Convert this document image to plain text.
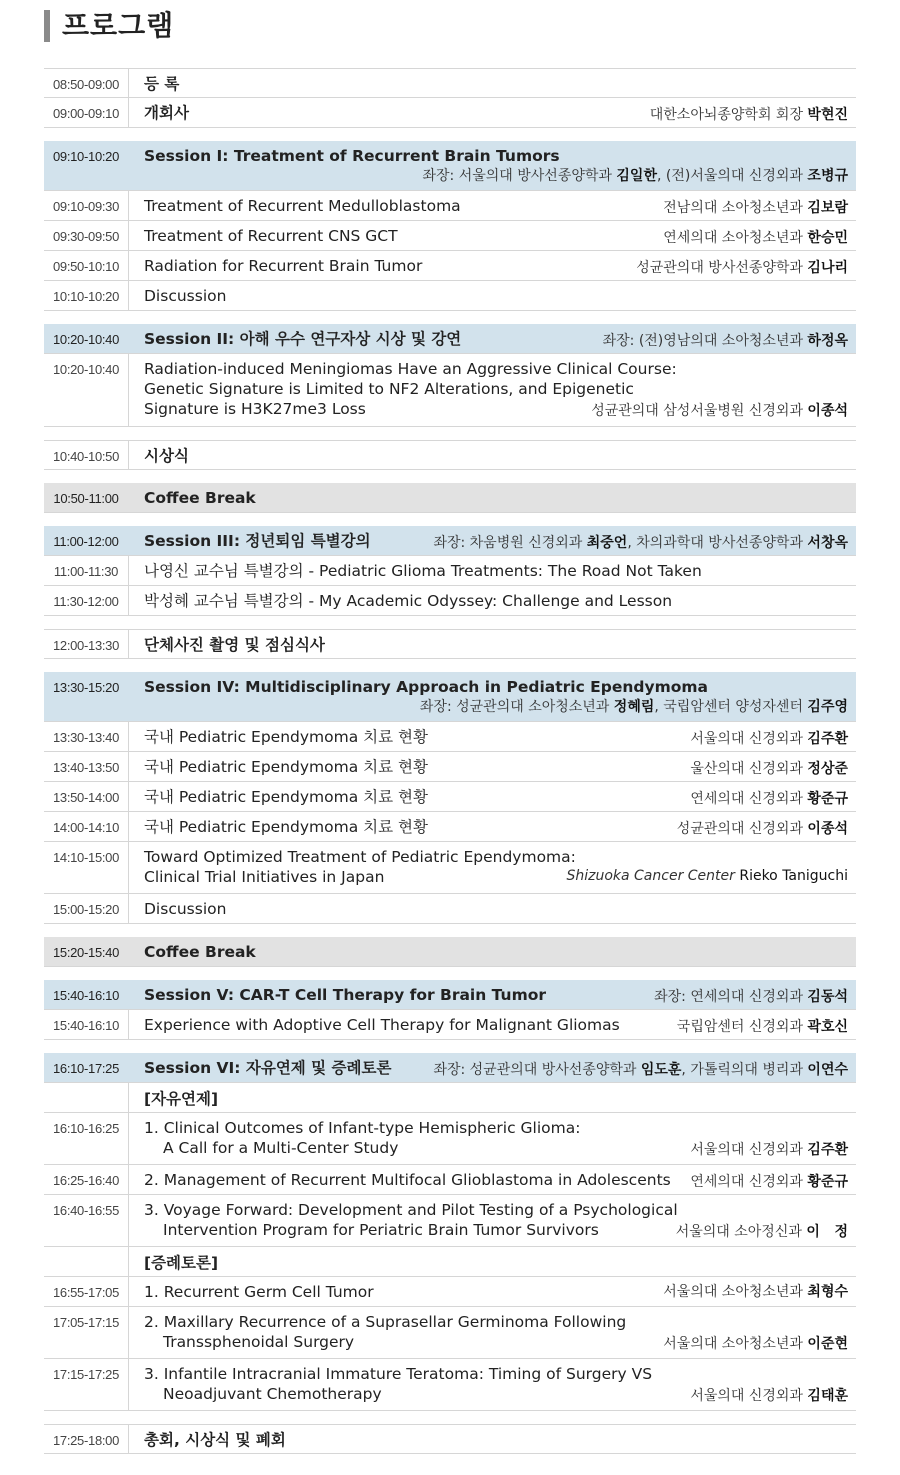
프로그램
08:50-09:00	등 록
09:00-09:10	개회사	대한소아뇌종양학회 회장 박현진
09:10-10:20	Session I: Treatment of Recurrent Brain Tumors
좌장: 서울의대 방사선종양학과 김일한, (전)서울의대 신경외과 조병규
09:10-09:30	Treatment of Recurrent Medulloblastoma	전남의대 소아청소년과 김보람
09:30-09:50	Treatment of Recurrent CNS GCT	연세의대 소아청소년과 한승민
09:50-10:10	Radiation for Recurrent Brain Tumor	성균관의대 방사선종양학과 김나리
10:10-10:20	Discussion
10:20-10:40	Session II: 아해 우수 연구자상 시상 및 강연	좌장: (전)영남의대 소아청소년과 하정옥
10:20-10:40	Radiation-induced Meningiomas Have an Aggressive Clinical Course:
Genetic Signature is Limited to NF2 Alterations, and Epigenetic
Signature is H3K27me3 Loss	성균관의대 삼성서울병원 신경외과 이종석
10:40-10:50	시상식
10:50-11:00	Coffee Break
11:00-12:00	Session III: 정년퇴임 특별강의	좌장: 차움병원 신경외과 최중언, 차의과학대 방사선종양학과 서창옥
11:00-11:30	나영신 교수님 특별강의 - Pediatric Glioma Treatments: The Road Not Taken
11:30-12:00	박성혜 교수님 특별강의 - My Academic Odyssey: Challenge and Lesson
12:00-13:30	단체사진 촬영 및 점심식사
13:30-15:20	Session IV: Multidisciplinary Approach in Pediatric Ependymoma
좌장: 성균관의대 소아청소년과 정혜림, 국립암센터 양성자센터 김주영
13:30-13:40	국내 Pediatric Ependymoma 치료 현황	서울의대 신경외과 김주환
13:40-13:50	국내 Pediatric Ependymoma 치료 현황	울산의대 신경외과 정상준
13:50-14:00	국내 Pediatric Ependymoma 치료 현황	연세의대 신경외과 황준규
14:00-14:10	국내 Pediatric Ependymoma 치료 현황	성균관의대 신경외과 이종석
14:10-15:00	Toward Optimized Treatment of Pediatric Ependymoma:
Clinical Trial Initiatives in Japan	Shizuoka Cancer Center Rieko Taniguchi
15:00-15:20	Discussion
15:20-15:40	Coffee Break
15:40-16:10	Session V: CAR-T Cell Therapy for Brain Tumor	좌장: 연세의대 신경외과 김동석
15:40-16:10	Experience with Adoptive Cell Therapy for Malignant Gliomas	국립암센터 신경외과 곽호신
16:10-17:25	Session VI: 자유연제 및 증례토론	좌장: 성균관의대 방사선종양학과 임도훈, 가톨릭의대 병리과 이연수
[자유연제]
16:10-16:25	1. Clinical Outcomes of Infant-type Hemispheric Glioma:
A Call for a Multi-Center Study	서울의대 신경외과 김주환
16:25-16:40	2. Management of Recurrent Multifocal Glioblastoma in Adolescents	연세의대 신경외과 황준규
16:40-16:55	3. Voyage Forward: Development and Pilot Testing of a Psychological
Intervention Program for Periatric Brain Tumor Survivors	서울의대 소아정신과 이   정
[증례토론]
16:55-17:05	1. Recurrent Germ Cell Tumor	서울의대 소아청소년과 최형수
17:05-17:15	2. Maxillary Recurrence of a Suprasellar Germinoma Following
Transsphenoidal Surgery	서울의대 소아청소년과 이준현
17:15-17:25	3. Infantile Intracranial Immature Teratoma: Timing of Surgery VS
Neoadjuvant Chemotherapy	서울의대 신경외과 김태훈
17:25-18:00	총회, 시상식 및 폐회
